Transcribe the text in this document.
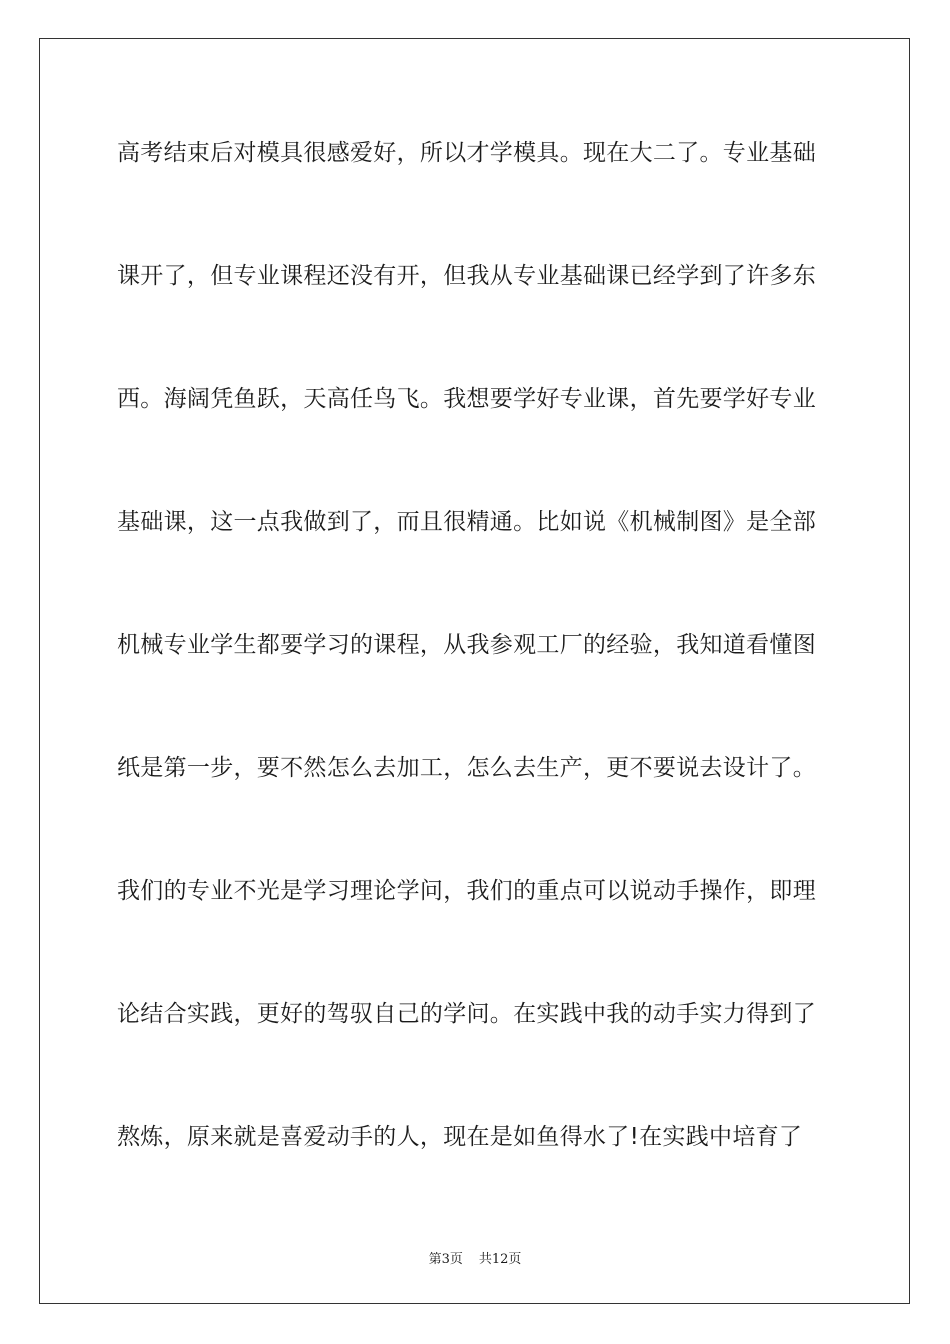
高考结束后对模具很感爱好，所以才学模具。现在大二了。专业基础
课开了，但专业课程还没有开，但我从专业基础课已经学到了许多东
西。海阔凭鱼跃，天高任鸟飞。我想要学好专业课，首先要学好专业
基础课，这一点我做到了，而且很精通。比如说《机械制图》是全部
机械专业学生都要学习的课程，从我参观工厂的经验，我知道看懂图
纸是第一步，要不然怎么去加工，怎么去生产，更不要说去设计了。
我们的专业不光是学习理论学问，我们的重点可以说动手操作，即理
论结合实践，更好的驾驭自己的学问。在实践中我的动手实力得到了
熬炼，原来就是喜爱动手的人，现在是如鱼得水了!在实践中培育了
第3页 共12页
